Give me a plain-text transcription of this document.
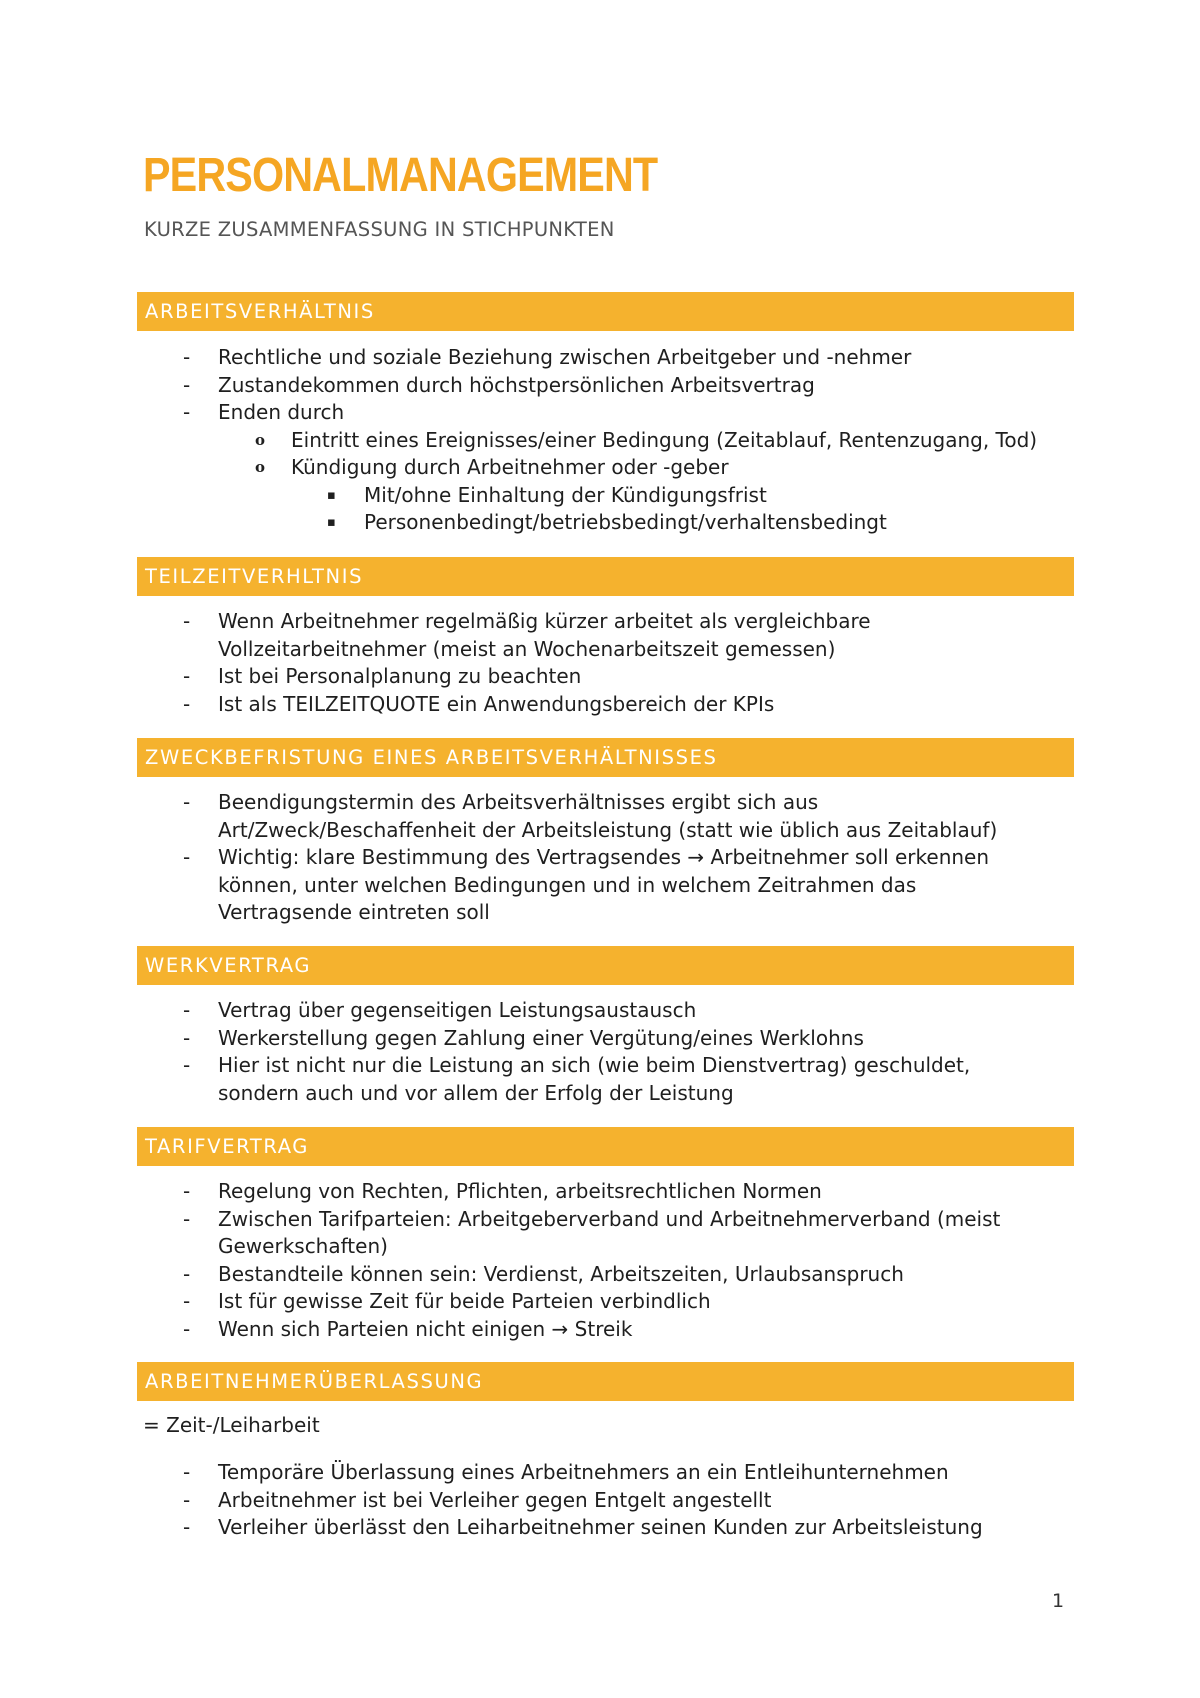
PERSONALMANAGEMENT

KURZE ZUSAMMENFASSUNG IN STICHPUNKTEN

ARBEITSVERHÄLTNIS
- Rechtliche und soziale Beziehung zwischen Arbeitgeber und -nehmer
- Zustandekommen durch höchstpersönlichen Arbeitsvertrag
- Enden durch
o Eintritt eines Ereignisses/einer Bedingung (Zeitablauf, Rentenzugang, Tod)
o Kündigung durch Arbeitnehmer oder -geber
▪ Mit/ohne Einhaltung der Kündigungsfrist
▪ Personenbedingt/betriebsbedingt/verhaltensbedingt
TEILZEITVERHLTNIS
- Wenn Arbeitnehmer regelmäßig kürzer arbeitet als vergleichbare
Vollzeitarbeitnehmer (meist an Wochenarbeitszeit gemessen)
- Ist bei Personalplanung zu beachten
- Ist als TEILZEITQUOTE ein Anwendungsbereich der KPIs
ZWECKBEFRISTUNG EINES ARBEITSVERHÄLTNISSES
- Beendigungstermin des Arbeitsverhältnisses ergibt sich aus
Art/Zweck/Beschaffenheit der Arbeitsleistung (statt wie üblich aus Zeitablauf)
- Wichtig: klare Bestimmung des Vertragsendes → Arbeitnehmer soll erkennen
können, unter welchen Bedingungen und in welchem Zeitrahmen das
Vertragsende eintreten soll
WERKVERTRAG
- Vertrag über gegenseitigen Leistungsaustausch
- Werkerstellung gegen Zahlung einer Vergütung/eines Werklohns
- Hier ist nicht nur die Leistung an sich (wie beim Dienstvertrag) geschuldet,
sondern auch und vor allem der Erfolg der Leistung
TARIFVERTRAG
- Regelung von Rechten, Pflichten, arbeitsrechtlichen Normen
- Zwischen Tarifparteien: Arbeitgeberverband und Arbeitnehmerverband (meist
Gewerkschaften)
- Bestandteile können sein: Verdienst, Arbeitszeiten, Urlaubsanspruch
- Ist für gewisse Zeit für beide Parteien verbindlich
- Wenn sich Parteien nicht einigen → Streik
ARBEITNEHMERÜBERLASSUNG

= Zeit-/Leiharbeit

- Temporäre Überlassung eines Arbeitnehmers an ein Entleihunternehmen
- Arbeitnehmer ist bei Verleiher gegen Entgelt angestellt
- Verleiher überlässt den Leiharbeitnehmer seinen Kunden zur Arbeitsleistung
1
